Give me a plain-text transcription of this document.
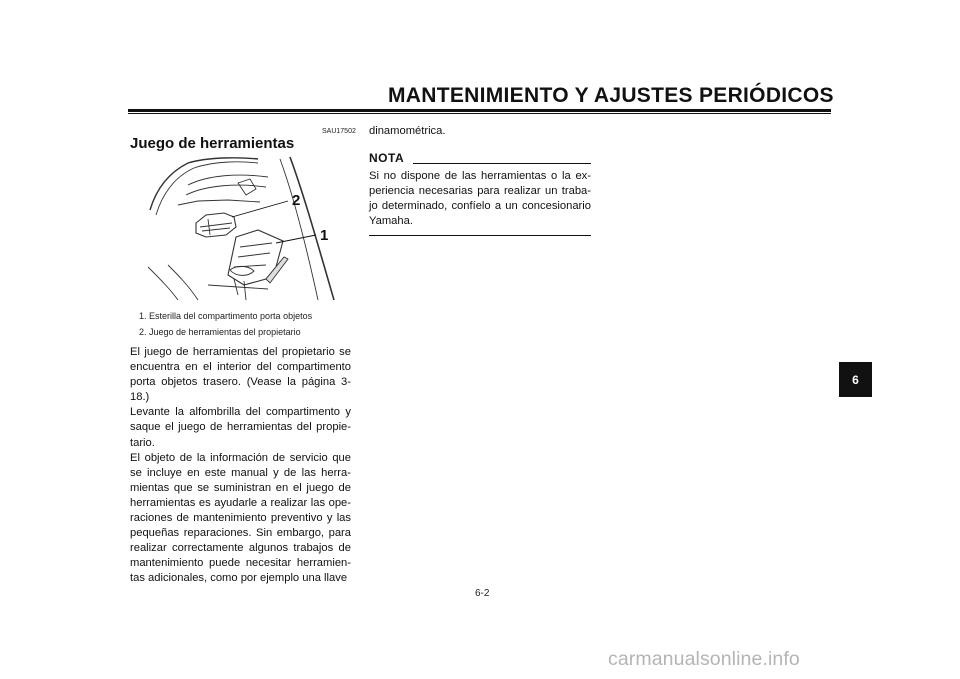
MANTENIMIENTO Y AJUSTES PERIÓDICOS
SAU17502
Juego de herramientas
2
1
1. Esterilla del compartimento porta objetos
2. Juego de herramientas del propietario

El juego de herramientas del propietario se encuentra en el interior del compartimento porta objetos trasero. (Vease la página 3-18.)

Levante la alfombrilla del compartimento y saque el juego de herramientas del propie-tario.

El objeto de la información de servicio que se incluye en este manual y de las herra-mientas que se suministran en el juego de herramientas es ayudarle a realizar las ope-raciones de mantenimiento preventivo y las pequeñas reparaciones. Sin embargo, para realizar correctamente algunos trabajos de mantenimiento puede necesitar herramien-tas adicionales, como por ejemplo una llave

dinamométrica.

NOTA

Si no dispone de las herramientas o la ex-periencia necesarias para realizar un traba-jo determinado, confíelo a un concesionario Yamaha.

6-2
6
carmanualsonline.info
